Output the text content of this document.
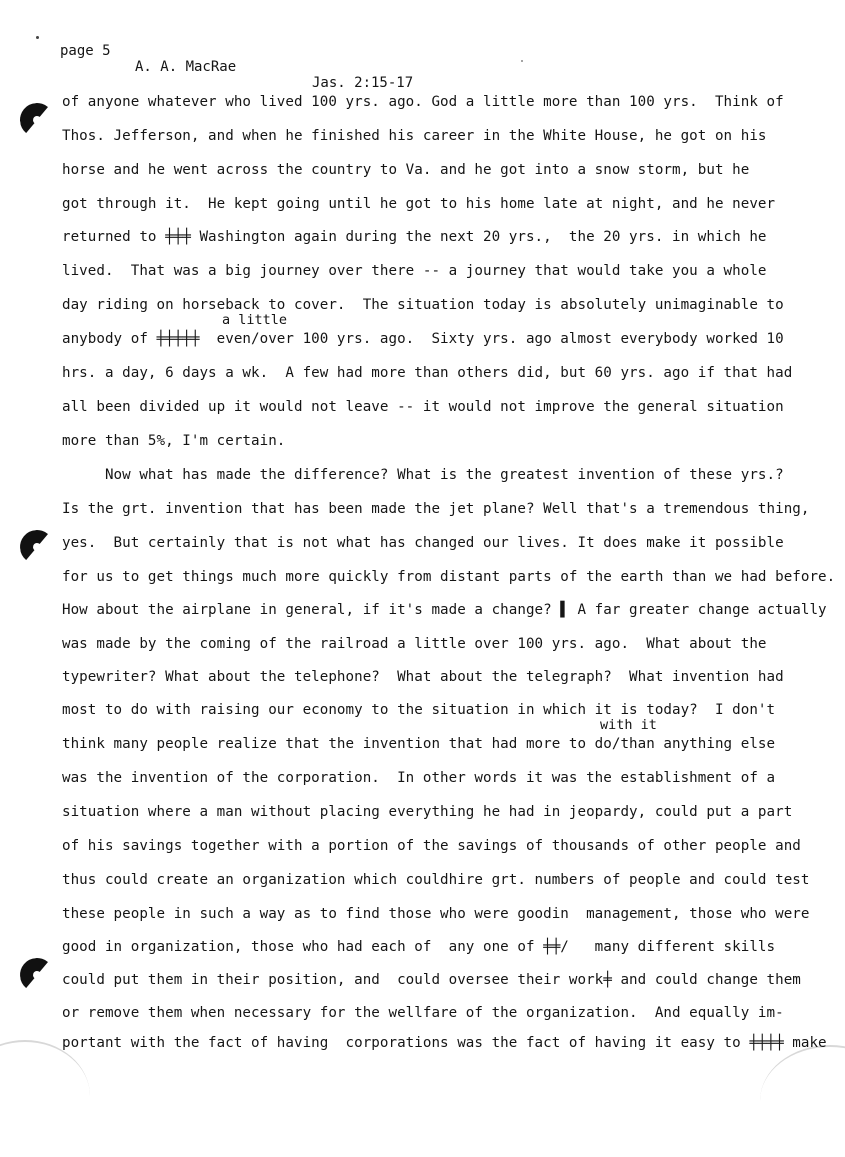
page 5

A. A. MacRae

Jas. 2:15-17

a little
with it
of anyone whatever who lived 100 yrs. ago. God a little more than 100 yrs.  Think of
Thos. Jefferson, and when he finished his career in the White House, he got on his
horse and he went across the country to Va. and he got into a snow storm, but he
got through it.  He kept going until he got to his home late at night, and he never
returned to ╪╪╪ Washington again during the next 20 yrs.,  the 20 yrs. in which he
lived.  That was a big journey over there -- a journey that would take you a whole
day riding on horseback to cover.  The situation today is absolutely unimaginable to
anybody of ╪╪╪╪╪  even/over 100 yrs. ago.  Sixty yrs. ago almost everybody worked 10
hrs. a day, 6 days a wk.  A few had more than others did, but 60 yrs. ago if that had
all been divided up it would not leave -- it would not improve the general situation
more than 5%, I'm certain.
Now what has made the difference? What is the greatest invention of these yrs.?
Is the grt. invention that has been made the jet plane? Well that's a tremendous thing,
yes.  But certainly that is not what has changed our lives. It does make it possible
for us to get things much more quickly from distant parts of the earth than we had before.
How about the airplane in general, if it's made a change? ▌ A far greater change actually
was made by the coming of the railroad a little over 100 yrs. ago.  What about the
typewriter? What about the telephone?  What about the telegraph?  What invention had
most to do with raising our economy to the situation in which it is today?  I don't
think many people realize that the invention that had more to do/than anything else
was the invention of the corporation.  In other words it was the establishment of a
situation where a man without placing everything he had in jeopardy, could put a part
of his savings together with a portion of the savings of thousands of other people and
thus could create an organization which couldhire grt. numbers of people and could test
these people in such a way as to find those who were goodin  management, those who were
good in organization, those who had each of  any one of ╪╪/   many different skills
could put them in their position, and  could oversee their work╪ and could change them
or remove them when necessary for the wellfare of the organization.  And equally im-
portant with the fact of having  corporations was the fact of having it easy to ╪╪╪╪ make
